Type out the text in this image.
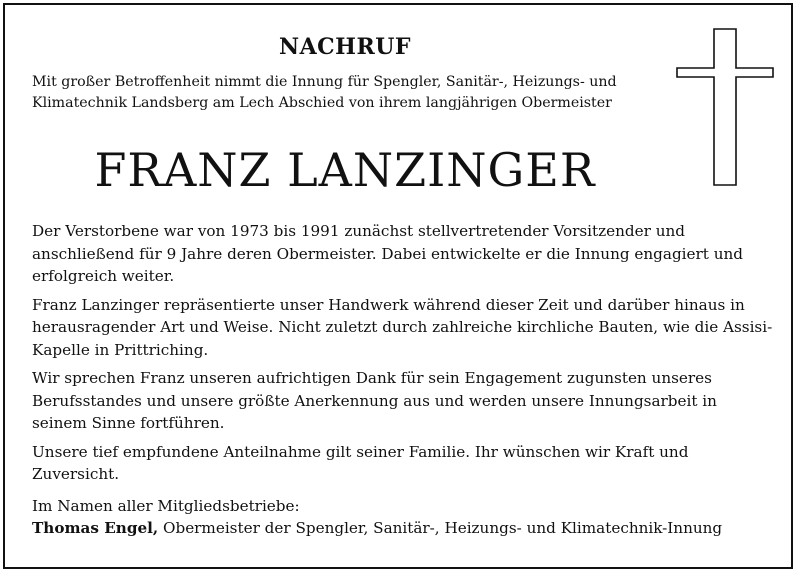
NACHRUF

Mit großer Betroffenheit nimmt die Innung für Spengler, Sanitär-, Heizungs- und Klimatechnik Landsberg am Lech Abschied von ihrem langjährigen Obermeister

FRANZ LANZINGER

Der Verstorbene war von 1973 bis 1991 zunächst stellvertretender Vorsitzender und anschließend für 9 Jahre deren Obermeister. Dabei entwickelte er die Innung engagiert und erfolgreich weiter.

Franz Lanzinger repräsentierte unser Handwerk während dieser Zeit und darüber hinaus in herausragender Art und Weise. Nicht zuletzt durch zahlreiche kirchliche Bauten, wie die Assisi-Kapelle in Prittriching.

Wir sprechen Franz unseren aufrichtigen Dank für sein Engagement zugunsten unseres Berufsstandes und unsere größte Anerkennung aus und werden unsere Innungsarbeit in seinem Sinne fortführen.

Unsere tief empfundene Anteilnahme gilt seiner Familie. Ihr wünschen wir Kraft und Zuversicht.

Im Namen aller Mitgliedsbetriebe:
Thomas Engel, Obermeister der Spengler, Sanitär-, Heizungs- und Klimatechnik-Innung
